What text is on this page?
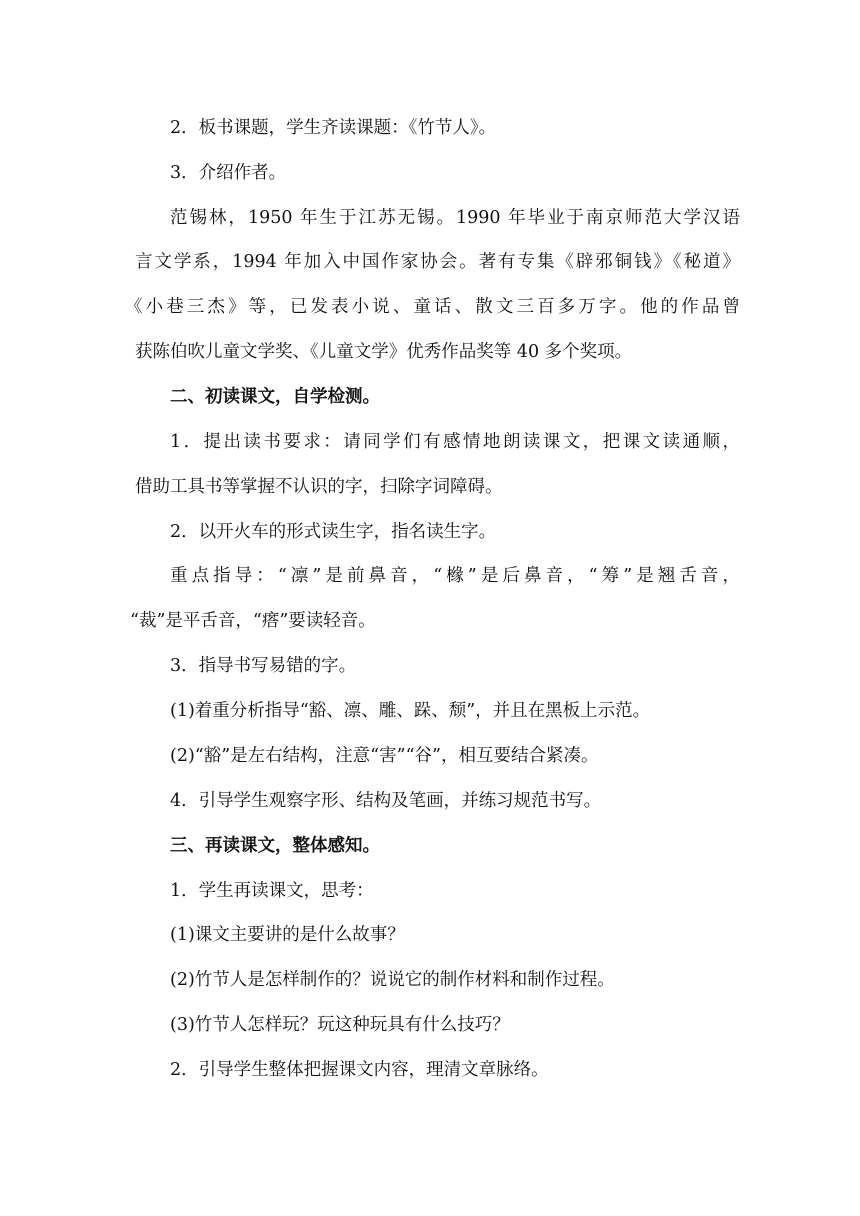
2．板书课题，学生齐读课题：《竹节人》。
3．介绍作者。
范锡林，1950 年生于江苏无锡。1990 年毕业于南京师范大学汉语
言文学系，1994 年加入中国作家协会。著有专集《辟邪铜钱》《秘道》
《小巷三杰》等，已发表小说、童话、散文三百多万字。他的作品曾
获陈伯吹儿童文学奖、《儿童文学》优秀作品奖等 40 多个奖项。
二、初读课文，自学检测。
1．提出读书要求：请同学们有感情地朗读课文，把课文读通顺，
借助工具书等掌握不认识的字，扫除字词障碍。
2．以开火车的形式读生字，指名读生字。
重点指导：“凛”是前鼻音，“橼”是后鼻音，“筹”是翘舌音，
“裁”是平舌音，“瘩”要读轻音。
3．指导书写易错的字。
(1)着重分析指导“豁、凛、雕、跺、颓”，并且在黑板上示范。
(2)“豁”是左右结构，注意“害”“谷”，相互要结合紧凑。
4．引导学生观察字形、结构及笔画，并练习规范书写。
三、再读课文，整体感知。
1．学生再读课文，思考：
(1)课文主要讲的是什么故事？
(2)竹节人是怎样制作的？说说它的制作材料和制作过程。
(3)竹节人怎样玩？玩这种玩具有什么技巧？
2．引导学生整体把握课文内容，理清文章脉络。
